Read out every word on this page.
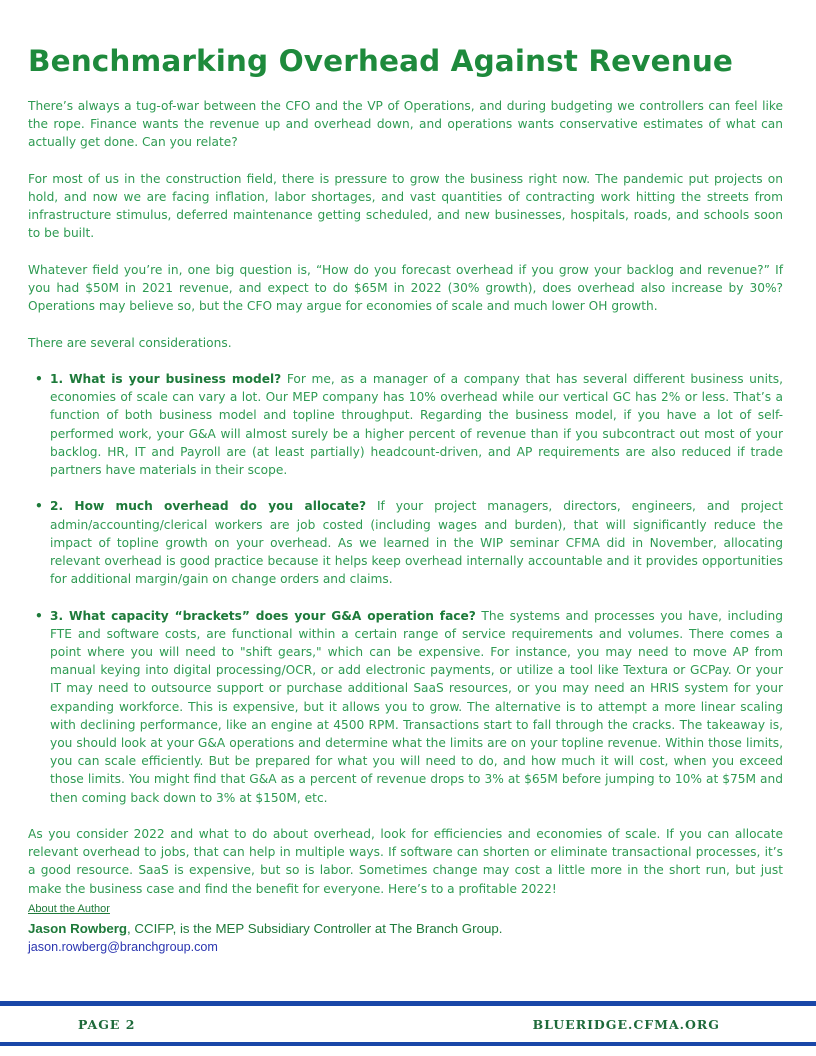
Benchmarking Overhead Against Revenue

There’s always a tug-of-war between the CFO and the VP of Operations, and during budgeting we controllers can feel like the rope. Finance wants the revenue up and overhead down, and operations wants conservative estimates of what can actually get done. Can you relate?

For most of us in the construction field, there is pressure to grow the business right now. The pandemic put projects on hold, and now we are facing inflation, labor shortages, and vast quantities of contracting work hitting the streets from infrastructure stimulus, deferred maintenance getting scheduled, and new businesses, hospitals, roads, and schools soon to be built.

Whatever field you’re in, one big question is, “How do you forecast overhead if you grow your backlog and revenue?” If you had $50M in 2021 revenue, and expect to do $65M in 2022 (30% growth), does overhead also increase by 30%? Operations may believe so, but the CFO may argue for economies of scale and much lower OH growth.

There are several considerations.

• 1. What is your business model? For me, as a manager of a company that has several different business units, economies of scale can vary a lot. Our MEP company has 10% overhead while our vertical GC has 2% or less. That’s a function of both business model and topline throughput. Regarding the business model, if you have a lot of self-performed work, your G&A will almost surely be a higher percent of revenue than if you subcontract out most of your backlog. HR, IT and Payroll are (at least partially) headcount-driven, and AP requirements are also reduced if trade partners have materials in their scope.
• 2. How much overhead do you allocate? If your project managers, directors, engineers, and project admin/accounting/clerical workers are job costed (including wages and burden), that will significantly reduce the impact of topline growth on your overhead. As we learned in the WIP seminar CFMA did in November, allocating relevant overhead is good practice because it helps keep overhead internally accountable and it provides opportunities for additional margin/gain on change orders and claims.
• 3. What capacity “brackets” does your G&A operation face? The systems and processes you have, including FTE and software costs, are functional within a certain range of service requirements and volumes. There comes a point where you will need to "shift gears," which can be expensive. For instance, you may need to move AP from manual keying into digital processing/OCR, or add electronic payments, or utilize a tool like Textura or GCPay. Or your IT may need to outsource support or purchase additional SaaS resources, or you may need an HRIS system for your expanding workforce. This is expensive, but it allows you to grow. The alternative is to attempt a more linear scaling with declining performance, like an engine at 4500 RPM. Transactions start to fall through the cracks. The takeaway is, you should look at your G&A operations and determine what the limits are on your topline revenue. Within those limits, you can scale efficiently. But be prepared for what you will need to do, and how much it will cost, when you exceed those limits. You might find that G&A as a percent of revenue drops to 3% at $65M before jumping to 10% at $75M and then coming back down to 3% at $150M, etc.

As you consider 2022 and what to do about overhead, look for efficiencies and economies of scale. If you can allocate relevant overhead to jobs, that can help in multiple ways. If software can shorten or eliminate transactional processes, it’s a good resource. SaaS is expensive, but so is labor. Sometimes change may cost a little more in the short run, but just make the business case and find the benefit for everyone. Here’s to a profitable 2022!

About the Author
Jason Rowberg, CCIFP, is the MEP Subsidiary Controller at The Branch Group.
jason.rowberg@branchgroup.com
PAGE 2	BLUERIDGE.CFMA.ORG
